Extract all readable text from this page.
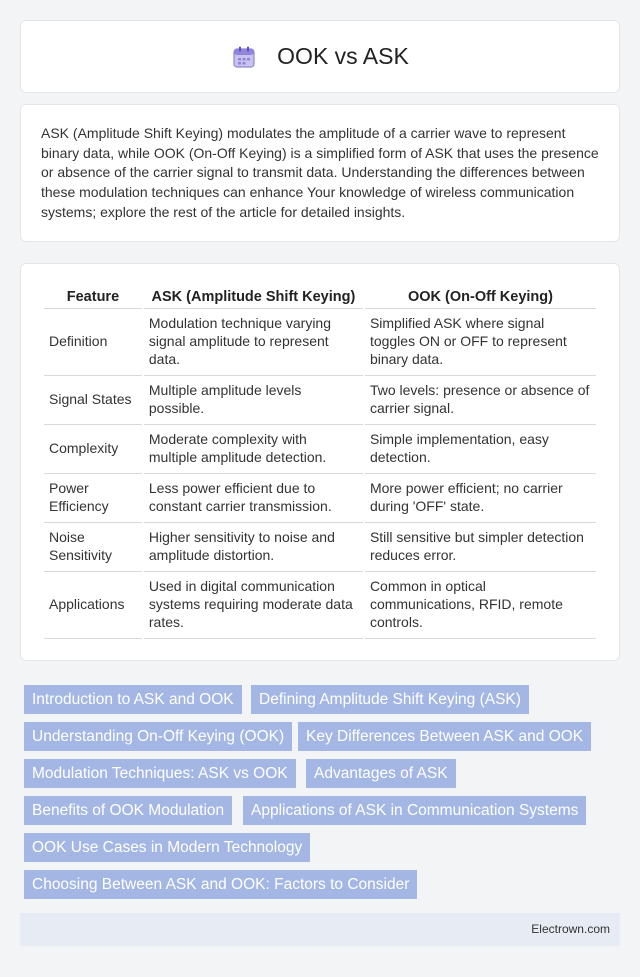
OOK vs ASK

ASK (Amplitude Shift Keying) modulates the amplitude of a carrier wave to represent binary data, while OOK (On-Off Keying) is a simplified form of ASK that uses the presence or absence of the carrier signal to transmit data. Understanding the differences between these modulation techniques can enhance Your knowledge of wireless communication systems; explore the rest of the article for detailed insights.

Feature	ASK (Amplitude Shift Keying)	OOK (On-Off Keying)
Definition	Modulation technique varying signal amplitude to represent data.	Simplified ASK where signal toggles ON or OFF to represent binary data.
Signal States	Multiple amplitude levels possible.	Two levels: presence or absence of carrier signal.
Complexity	Moderate complexity with multiple amplitude detection.	Simple implementation, easy detection.
Power Efficiency	Less power efficient due to constant carrier transmission.	More power efficient; no carrier during 'OFF' state.
Noise Sensitivity	Higher sensitivity to noise and amplitude distortion.	Still sensitive but simpler detection reduces error.
Applications	Used in digital communication systems requiring moderate data rates.	Common in optical communications, RFID, remote controls.
Introduction to ASK and OOK	Defining Amplitude Shift Keying (ASK)
Understanding On-Off Keying (OOK)	Key Differences Between ASK and OOK
Modulation Techniques: ASK vs OOK	Advantages of ASK
Benefits of OOK Modulation	Applications of ASK in Communication Systems
OOK Use Cases in Modern Technology
Choosing Between ASK and OOK: Factors to Consider
Electrown.com
